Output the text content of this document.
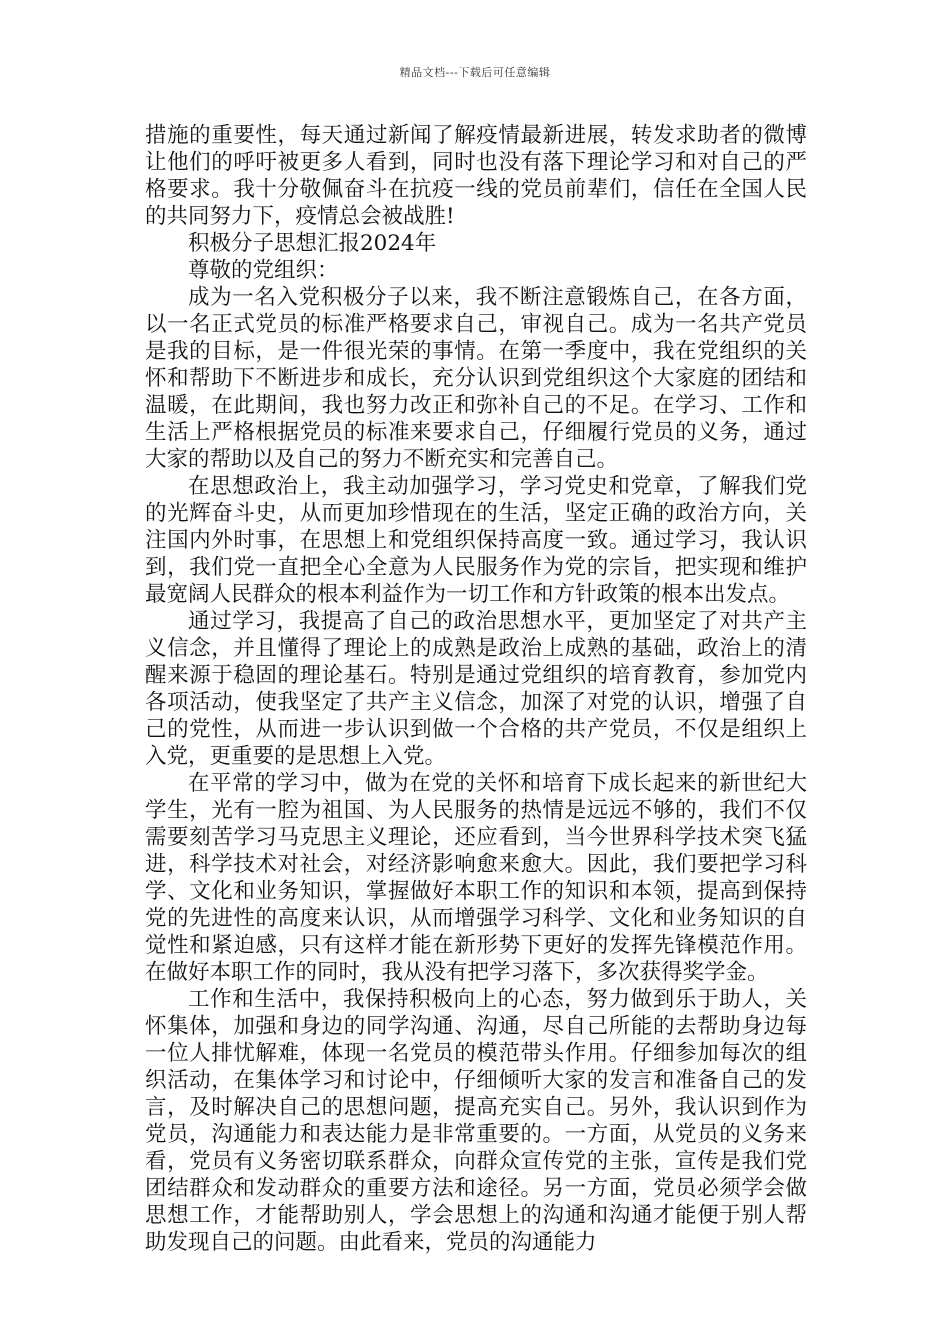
精品文档---下载后可任意编辑

措施的重要性，每天通过新闻了解疫情最新进展，转发求助者的微博让他们的呼吁被更多人看到，同时也没有落下理论学习和对自己的严格要求。我十分敬佩奋斗在抗疫一线的党员前辈们，信任在全国人民的共同努力下，疫情总会被战胜!

积极分子思想汇报2024年

尊敬的党组织：

成为一名入党积极分子以来，我不断注意锻炼自己，在各方面，以一名正式党员的标准严格要求自己，审视自己。成为一名共产党员是我的目标，是一件很光荣的事情。在第一季度中，我在党组织的关怀和帮助下不断进步和成长，充分认识到党组织这个大家庭的团结和温暖，在此期间，我也努力改正和弥补自己的不足。在学习、工作和生活上严格根据党员的标准来要求自己，仔细履行党员的义务，通过大家的帮助以及自己的努力不断充实和完善自己。

在思想政治上，我主动加强学习，学习党史和党章，了解我们党的光辉奋斗史，从而更加珍惜现在的生活，坚定正确的政治方向，关注国内外时事，在思想上和党组织保持高度一致。通过学习，我认识到，我们党一直把全心全意为人民服务作为党的宗旨，把实现和维护最宽阔人民群众的根本利益作为一切工作和方针政策的根本出发点。

通过学习，我提高了自己的政治思想水平，更加坚定了对共产主义信念，并且懂得了理论上的成熟是政治上成熟的基础，政治上的清醒来源于稳固的理论基石。特别是通过党组织的培育教育，参加党内各项活动，使我坚定了共产主义信念，加深了对党的认识，增强了自己的党性，从而进一步认识到做一个合格的共产党员，不仅是组织上入党，更重要的是思想上入党。

在平常的学习中，做为在党的关怀和培育下成长起来的新世纪大学生，光有一腔为祖国、为人民服务的热情是远远不够的，我们不仅需要刻苦学习马克思主义理论，还应看到，当今世界科学技术突飞猛进，科学技术对社会，对经济影响愈来愈大。因此，我们要把学习科学、文化和业务知识，掌握做好本职工作的知识和本领，提高到保持党的先进性的高度来认识，从而增强学习科学、文化和业务知识的自觉性和紧迫感，只有这样才能在新形势下更好的发挥先锋模范作用。在做好本职工作的同时，我从没有把学习落下，多次获得奖学金。

工作和生活中，我保持积极向上的心态，努力做到乐于助人，关怀集体，加强和身边的同学沟通、沟通，尽自己所能的去帮助身边每一位人排忧解难，体现一名党员的模范带头作用。仔细参加每次的组织活动，在集体学习和讨论中，仔细倾听大家的发言和准备自己的发言，及时解决自己的思想问题，提高充实自己。另外，我认识到作为党员，沟通能力和表达能力是非常重要的。一方面，从党员的义务来看，党员有义务密切联系群众，向群众宣传党的主张，宣传是我们党团结群众和发动群众的重要方法和途径。另一方面，党员必须学会做思想工作，才能帮助别人，学会思想上的沟通和沟通才能便于别人帮助发现自己的问题。由此看来，党员的沟通能力
